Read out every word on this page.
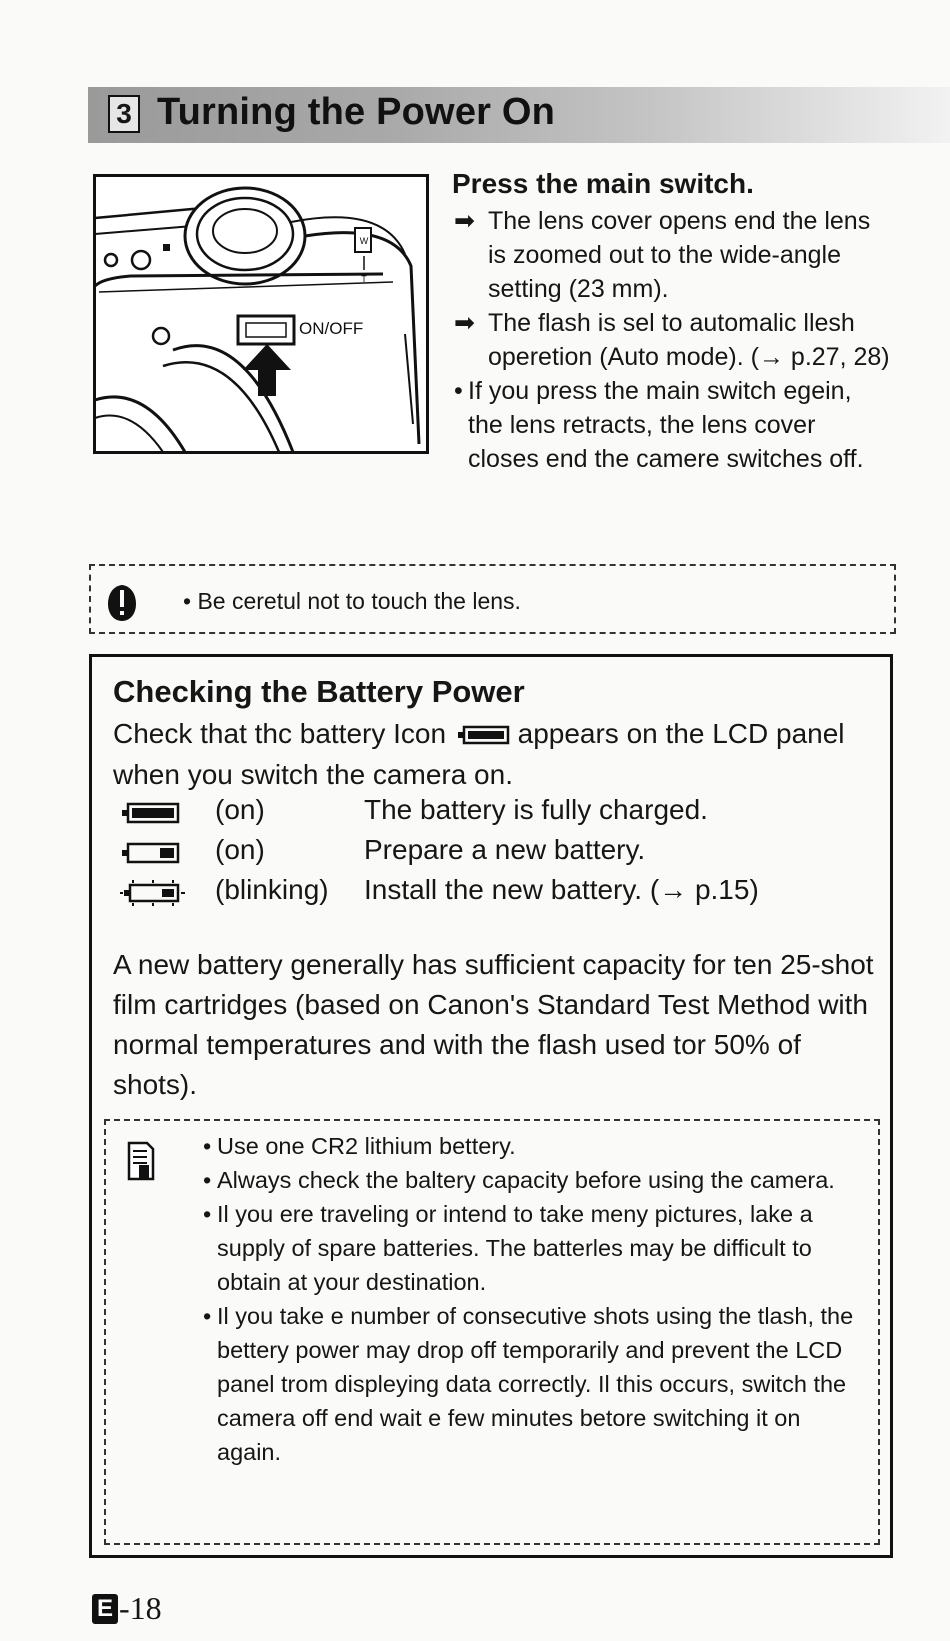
3 Turning the Power On
W
T
ON/OFF
Press the main switch.
➡ The lens cover opens end the lens is zoomed out to the wide-angle setting (23 mm).
➡ The flash is sel to automalic llesh operetion (Auto mode). (→ p.27, 28)
• If you press the main switch egein, the lens retracts, the lens cover closes end the camere switches off.
• Be ceretul not to touch the lens.
Checking the Battery Power
Check that thc battery Icon	appears on the LCD panel when you switch the camera on.
(on)	The battery is fully charged.
(on)	Prepare a new battery.
(blinking) Install the new battery. (→ p.15)
A new battery generally has sufficient capacity for ten 25-shot film cartridges (based on Canon's Standard Test Method with normal temperatures and with the flash used tor 50% of shots).
• Use one CR2 lithium bettery.
• Always check the baltery capacity before using the camera.
• Il you ere traveling or intend to take meny pictures, lake a supply of spare batteries. The batterles may be difficult to obtain at your destination.
• Il you take e number of consecutive shots using the tlash, the bettery power may drop off temporarily and prevent the LCD panel trom displeying data correctly. Il this occurs, switch the camera off end wait e few minutes betore switching it on again.
E -18
